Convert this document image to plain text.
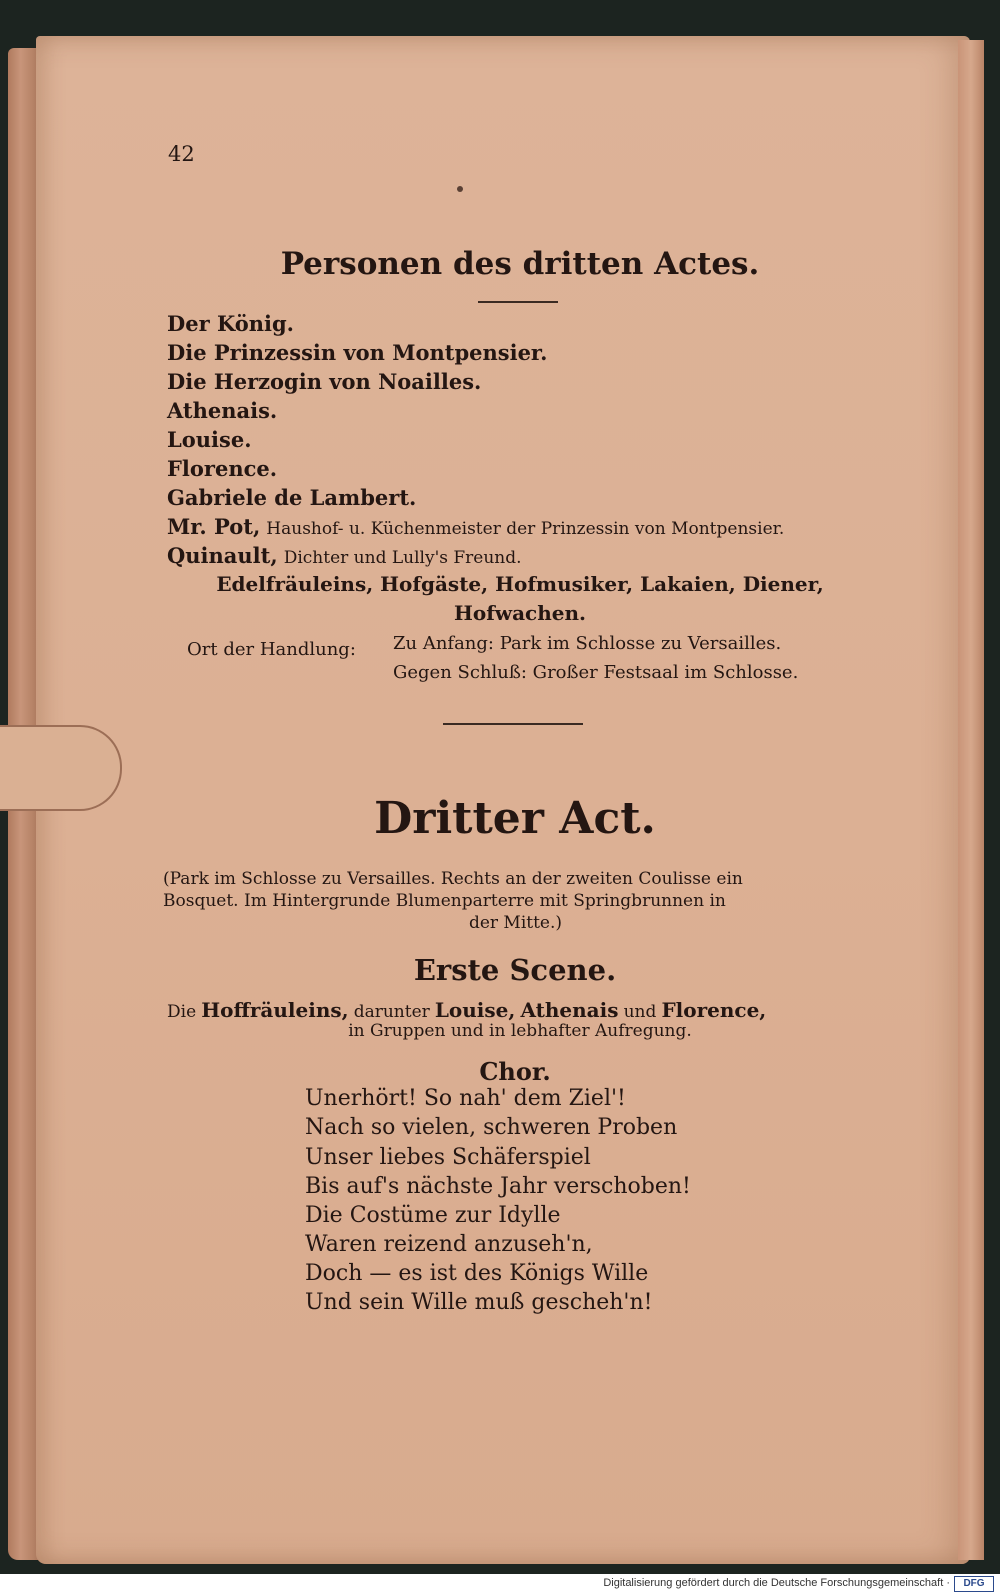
42
Personen des dritten Actes.
Der König.
Die Prinzessin von Montpensier.
Die Herzogin von Noailles.
Athenais.
Louise.
Florence.
Gabriele de Lambert.
Mr. Pot, Haushof- u. Küchenmeister der Prinzessin von Montpensier.
Quinault, Dichter und Lully's Freund.
Edelfräuleins, Hofgäste, Hofmusiker, Lakaien, Diener,
Hofwachen.
Ort der Handlung: Zu Anfang: Park im Schlosse zu Versailles.
Gegen Schluß: Großer Festsaal im Schlosse.
Dritter Act.
(Park im Schlosse zu Versailles. Rechts an der zweiten Coulisse ein
Bosquet. Im Hintergrunde Blumenparterre mit Springbrunnen in
der Mitte.)
Erste Scene.
Die Hoffräuleins, darunter Louise, Athenais und Florence,
in Gruppen und in lebhafter Aufregung.
Chor.
Unerhört! So nah' dem Ziel'!
Nach so vielen, schweren Proben
Unser liebes Schäferspiel
Bis auf's nächste Jahr verschoben!
Die Costüme zur Idylle
Waren reizend anzuseh'n,
Doch — es ist des Königs Wille
Und sein Wille muß gescheh'n!
Digitalisierung gefördert durch die Deutsche Forschungsgemeinschaft ·	DFG
